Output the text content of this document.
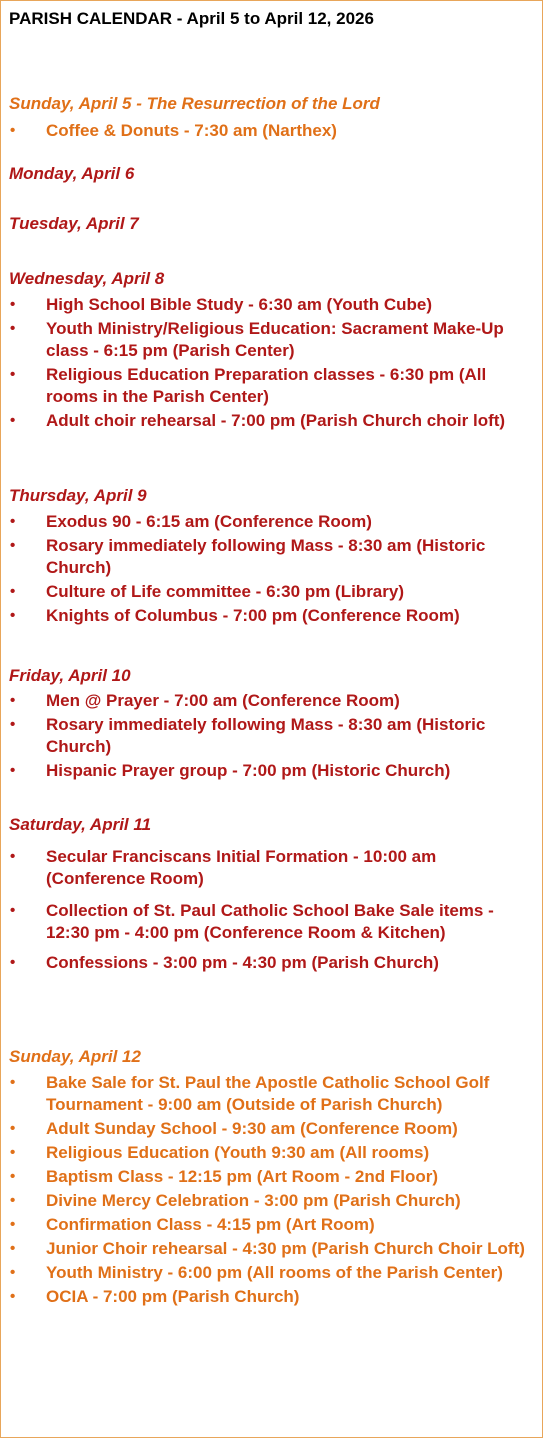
PARISH CALENDAR - April 5 to April 12, 2026
Sunday, April 5 - The Resurrection of the Lord
• Coffee & Donuts - 7:30 am (Narthex)
Monday, April 6
Tuesday, April 7
Wednesday, April 8
• High School Bible Study - 6:30 am (Youth Cube)
• Youth Ministry/Religious Education: Sacrament Make-Up class - 6:15 pm (Parish Center)
• Religious Education Preparation classes - 6:30 pm (All rooms in the Parish Center)
• Adult choir rehearsal - 7:00 pm (Parish Church choir loft)
Thursday, April 9
• Exodus 90 - 6:15 am (Conference Room)
• Rosary immediately following Mass - 8:30 am (Historic Church)
• Culture of Life committee - 6:30 pm (Library)
• Knights of Columbus - 7:00 pm (Conference Room)
Friday, April 10
• Men @ Prayer - 7:00 am (Conference Room)
• Rosary immediately following Mass - 8:30 am (Historic Church)
• Hispanic Prayer group - 7:00 pm (Historic Church)
Saturday, April 11
• Secular Franciscans Initial Formation - 10:00 am (Conference Room)
• Collection of St. Paul Catholic School Bake Sale items - 12:30 pm - 4:00 pm (Conference Room & Kitchen)
• Confessions - 3:00 pm - 4:30 pm (Parish Church)
Sunday, April 12
• Bake Sale for St. Paul the Apostle Catholic School Golf Tournament - 9:00 am (Outside of Parish Church)
• Adult Sunday School - 9:30 am (Conference Room)
• Religious Education (Youth 9:30 am (All rooms)
• Baptism Class - 12:15 pm (Art Room - 2nd Floor)
• Divine Mercy Celebration - 3:00 pm (Parish Church)
• Confirmation Class - 4:15 pm (Art Room)
• Junior Choir rehearsal - 4:30 pm (Parish Church Choir Loft)
• Youth Ministry - 6:00 pm (All rooms of the Parish Center)
• OCIA - 7:00 pm (Parish Church)
